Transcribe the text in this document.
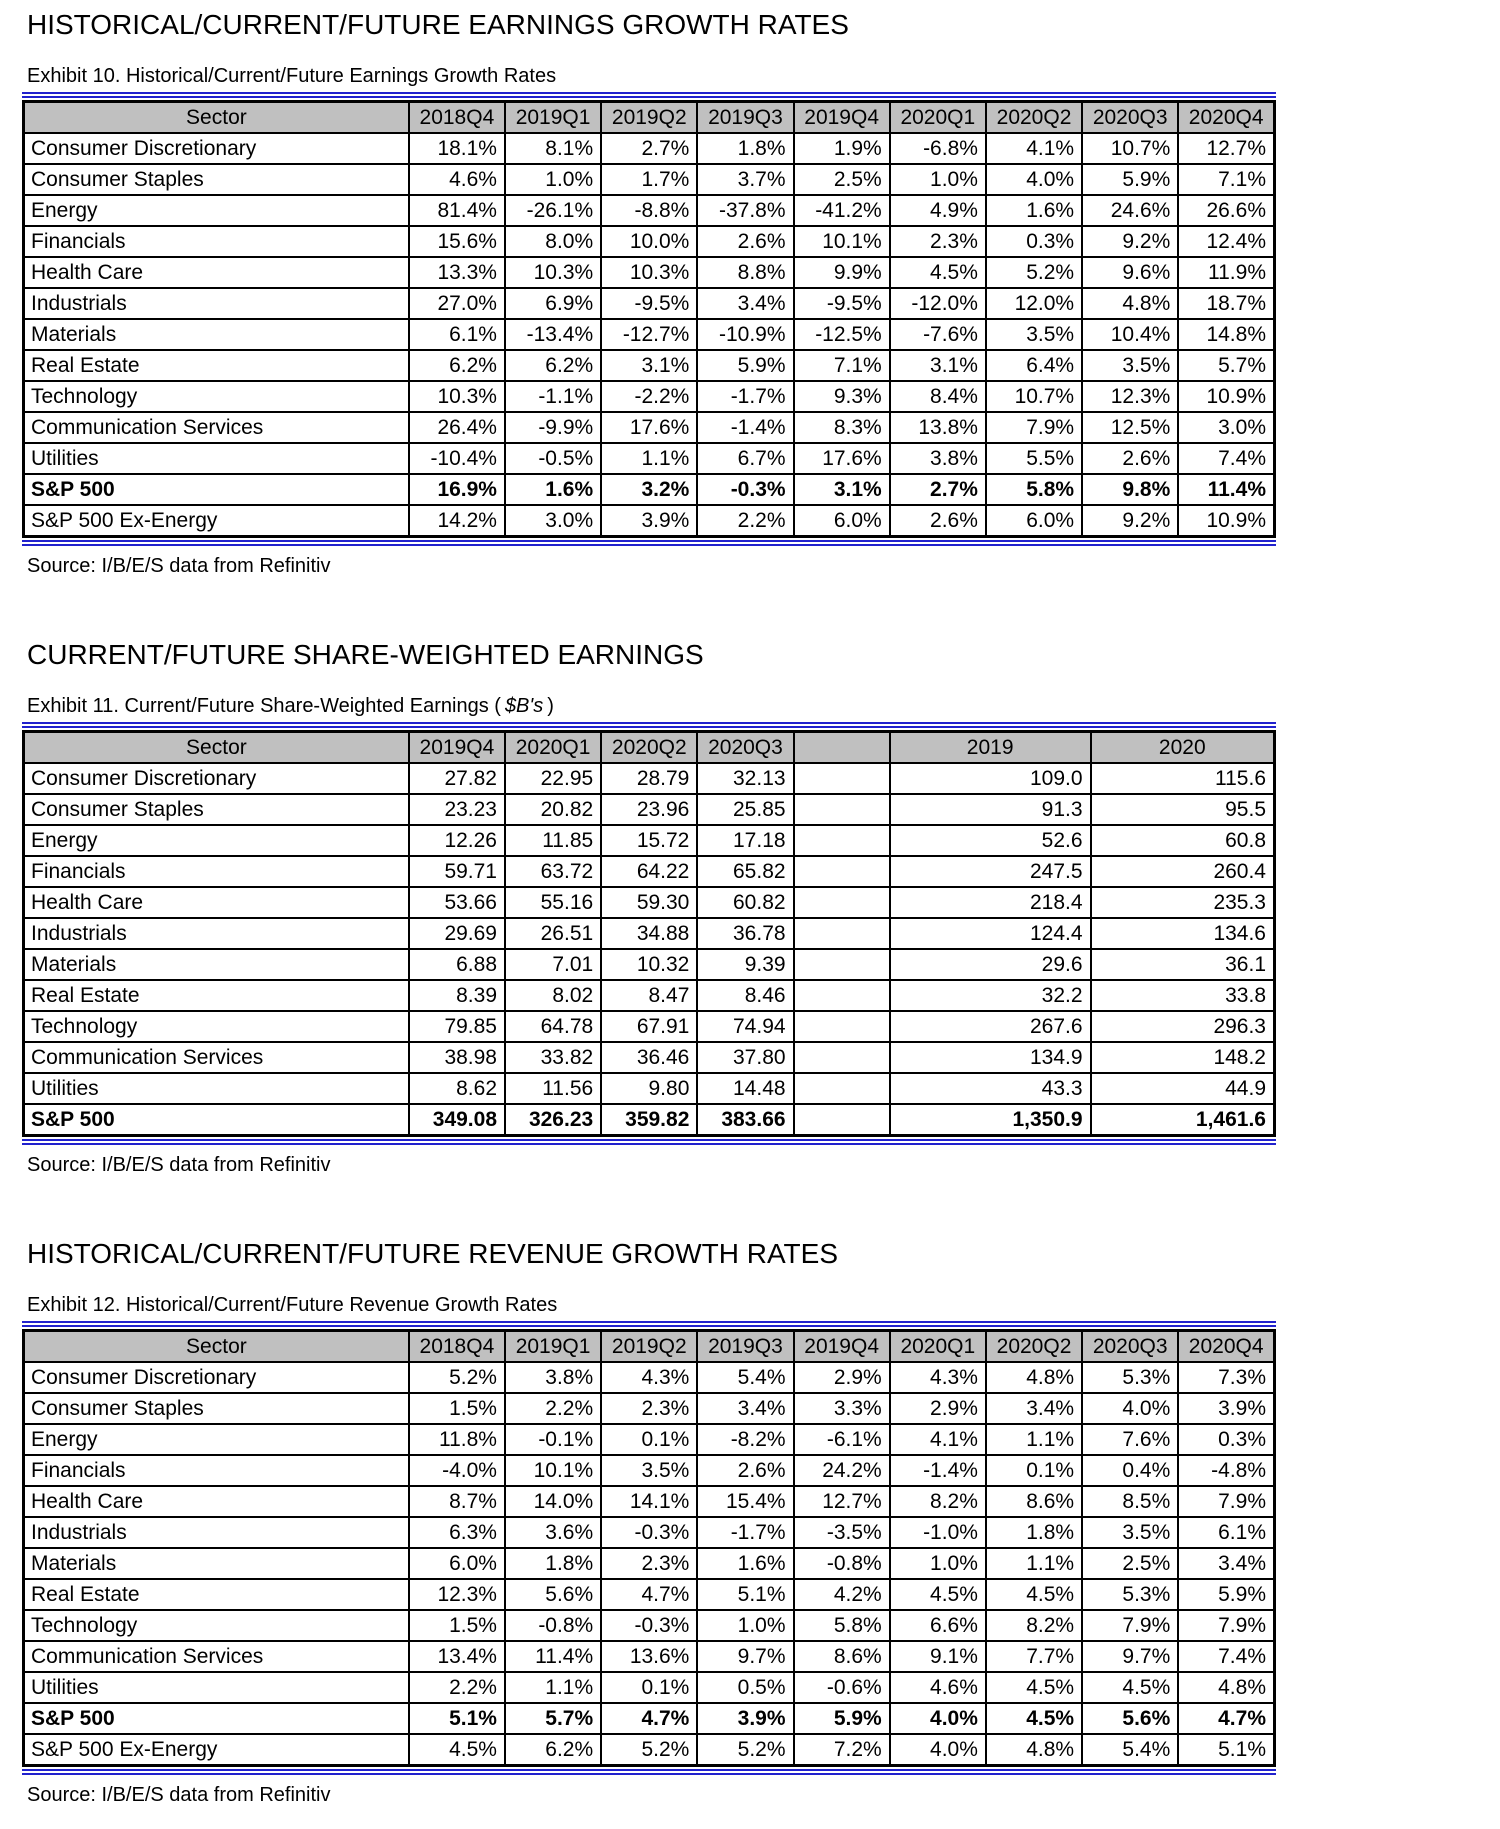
HISTORICAL/CURRENT/FUTURE EARNINGS GROWTH RATES
Exhibit 10. Historical/Current/Future Earnings Growth Rates
Sector	2018Q4	2019Q1	2019Q2	2019Q3	2019Q4	2020Q1	2020Q2	2020Q3	2020Q4
Consumer Discretionary	18.1%	8.1%	2.7%	1.8%	1.9%	-6.8%	4.1%	10.7%	12.7%
Consumer Staples	4.6%	1.0%	1.7%	3.7%	2.5%	1.0%	4.0%	5.9%	7.1%
Energy	81.4%	-26.1%	-8.8%	-37.8%	-41.2%	4.9%	1.6%	24.6%	26.6%
Financials	15.6%	8.0%	10.0%	2.6%	10.1%	2.3%	0.3%	9.2%	12.4%
Health Care	13.3%	10.3%	10.3%	8.8%	9.9%	4.5%	5.2%	9.6%	11.9%
Industrials	27.0%	6.9%	-9.5%	3.4%	-9.5%	-12.0%	12.0%	4.8%	18.7%
Materials	6.1%	-13.4%	-12.7%	-10.9%	-12.5%	-7.6%	3.5%	10.4%	14.8%
Real Estate	6.2%	6.2%	3.1%	5.9%	7.1%	3.1%	6.4%	3.5%	5.7%
Technology	10.3%	-1.1%	-2.2%	-1.7%	9.3%	8.4%	10.7%	12.3%	10.9%
Communication Services	26.4%	-9.9%	17.6%	-1.4%	8.3%	13.8%	7.9%	12.5%	3.0%
Utilities	-10.4%	-0.5%	1.1%	6.7%	17.6%	3.8%	5.5%	2.6%	7.4%
S&P 500	16.9%	1.6%	3.2%	-0.3%	3.1%	2.7%	5.8%	9.8%	11.4%
S&P 500 Ex-Energy	14.2%	3.0%	3.9%	2.2%	6.0%	2.6%	6.0%	9.2%	10.9%

Source: I/B/E/S data from Refinitiv

CURRENT/FUTURE SHARE-WEIGHTED EARNINGS
Exhibit 11. Current/Future Share-Weighted Earnings ( $B's )
Sector	2019Q4	2020Q1	2020Q2	2020Q3		2019	2020
Consumer Discretionary	27.82	22.95	28.79	32.13		109.0	115.6
Consumer Staples	23.23	20.82	23.96	25.85		91.3	95.5
Energy	12.26	11.85	15.72	17.18		52.6	60.8
Financials	59.71	63.72	64.22	65.82		247.5	260.4
Health Care	53.66	55.16	59.30	60.82		218.4	235.3
Industrials	29.69	26.51	34.88	36.78		124.4	134.6
Materials	6.88	7.01	10.32	9.39		29.6	36.1
Real Estate	8.39	8.02	8.47	8.46		32.2	33.8
Technology	79.85	64.78	67.91	74.94		267.6	296.3
Communication Services	38.98	33.82	36.46	37.80		134.9	148.2
Utilities	8.62	11.56	9.80	14.48		43.3	44.9
S&P 500	349.08	326.23	359.82	383.66		1,350.9	1,461.6

Source: I/B/E/S data from Refinitiv

HISTORICAL/CURRENT/FUTURE REVENUE GROWTH RATES
Exhibit 12. Historical/Current/Future Revenue Growth Rates
Sector	2018Q4	2019Q1	2019Q2	2019Q3	2019Q4	2020Q1	2020Q2	2020Q3	2020Q4
Consumer Discretionary	5.2%	3.8%	4.3%	5.4%	2.9%	4.3%	4.8%	5.3%	7.3%
Consumer Staples	1.5%	2.2%	2.3%	3.4%	3.3%	2.9%	3.4%	4.0%	3.9%
Energy	11.8%	-0.1%	0.1%	-8.2%	-6.1%	4.1%	1.1%	7.6%	0.3%
Financials	-4.0%	10.1%	3.5%	2.6%	24.2%	-1.4%	0.1%	0.4%	-4.8%
Health Care	8.7%	14.0%	14.1%	15.4%	12.7%	8.2%	8.6%	8.5%	7.9%
Industrials	6.3%	3.6%	-0.3%	-1.7%	-3.5%	-1.0%	1.8%	3.5%	6.1%
Materials	6.0%	1.8%	2.3%	1.6%	-0.8%	1.0%	1.1%	2.5%	3.4%
Real Estate	12.3%	5.6%	4.7%	5.1%	4.2%	4.5%	4.5%	5.3%	5.9%
Technology	1.5%	-0.8%	-0.3%	1.0%	5.8%	6.6%	8.2%	7.9%	7.9%
Communication Services	13.4%	11.4%	13.6%	9.7%	8.6%	9.1%	7.7%	9.7%	7.4%
Utilities	2.2%	1.1%	0.1%	0.5%	-0.6%	4.6%	4.5%	4.5%	4.8%
S&P 500	5.1%	5.7%	4.7%	3.9%	5.9%	4.0%	4.5%	5.6%	4.7%
S&P 500 Ex-Energy	4.5%	6.2%	5.2%	5.2%	7.2%	4.0%	4.8%	5.4%	5.1%

Source: I/B/E/S data from Refinitiv
